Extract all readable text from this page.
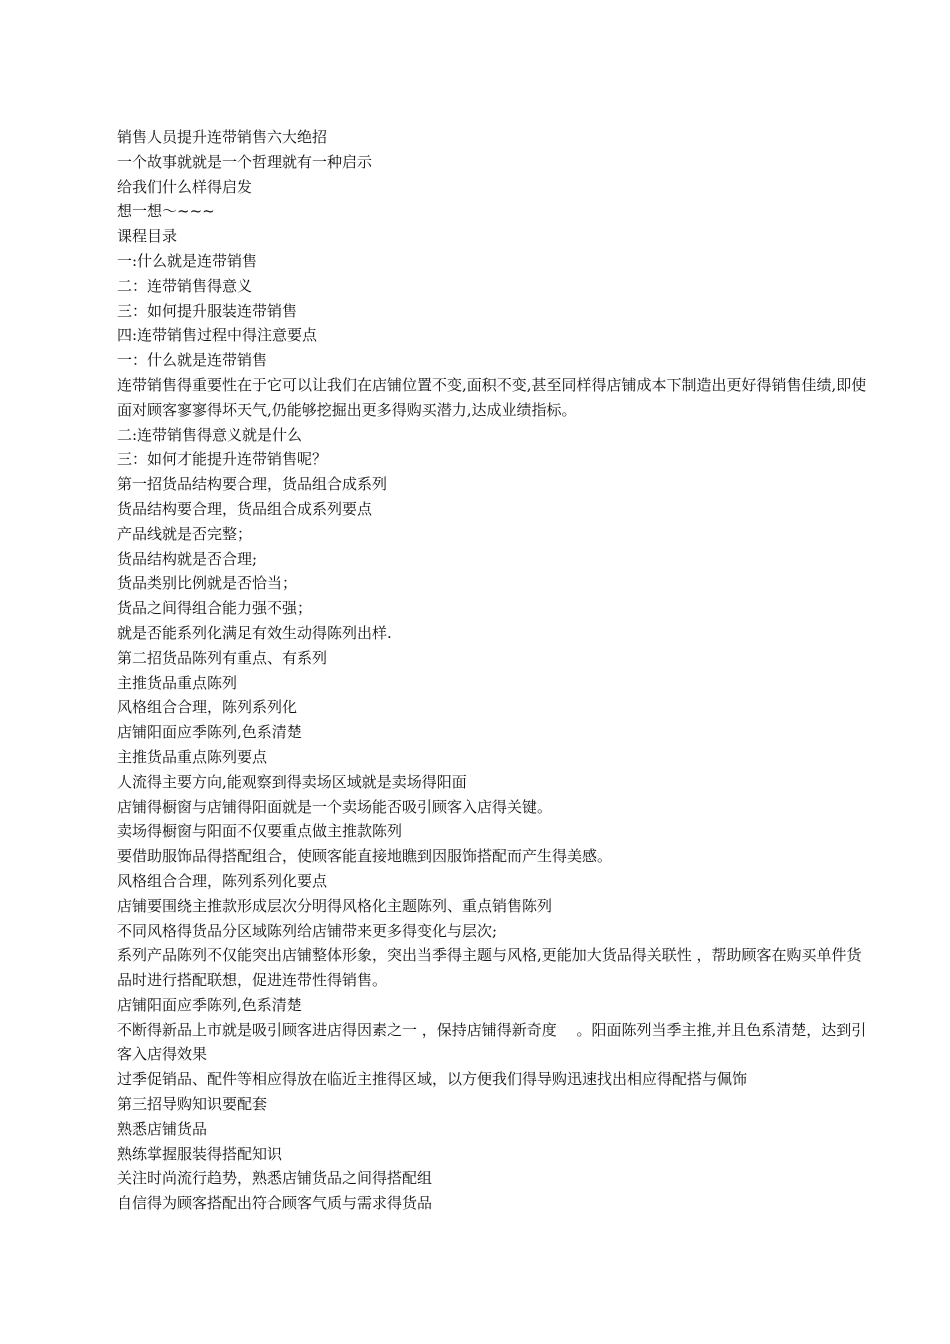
销售人员提升连带销售六大绝招

一个故事就就是一个哲理就有一种启示

给我们什么样得启发

想一想～~~~

课程目录

一:什么就是连带销售

二：连带销售得意义

三：如何提升服装连带销售

四:连带销售过程中得注意要点

一：什么就是连带销售

连带销售得重要性在于它可以让我们在店铺位置不变,面积不变,甚至同样得店铺成本下制造出更好得销售佳绩,即使面对顾客寥寥得坏天气,仍能够挖掘出更多得购买潜力,达成业绩指标。

二:连带销售得意义就是什么

三：如何才能提升连带销售呢？

第一招货品结构要合理，货品组合成系列

货品结构要合理，货品组合成系列要点

产品线就是否完整；

货品结构就是否合理;

货品类别比例就是否恰当；

货品之间得组合能力强不强；

就是否能系列化满足有效生动得陈列出样.

第二招货品陈列有重点、有系列

主推货品重点陈列

风格组合合理，陈列系列化

店铺阳面应季陈列,色系清楚

主推货品重点陈列要点

人流得主要方向,能观察到得卖场区域就是卖场得阳面

店铺得橱窗与店铺得阳面就是一个卖场能否吸引顾客入店得关键。

卖场得橱窗与阳面不仅要重点做主推款陈列

要借助服饰品得搭配组合，使顾客能直接地瞧到因服饰搭配而产生得美感。

风格组合合理，陈列系列化要点

店铺要围绕主推款形成层次分明得风格化主题陈列、重点销售陈列

不同风格得货品分区域陈列给店铺带来更多得变化与层次;

系列产品陈列不仅能突出店铺整体形象，突出当季得主题与风格,更能加大货品得关联性 ，帮助顾客在购买单件货品时进行搭配联想，促进连带性得销售。

店铺阳面应季陈列,色系清楚

不断得新品上市就是吸引顾客进店得因素之一 ，保持店铺得新奇度 　。阳面陈列当季主推,并且色系清楚，达到引客入店得效果

过季促销品、配件等相应得放在临近主推得区域，以方便我们得导购迅速找出相应得配搭与佩饰

第三招导购知识要配套

熟悉店铺货品

熟练掌握服装得搭配知识

关注时尚流行趋势，熟悉店铺货品之间得搭配组

自信得为顾客搭配出符合顾客气质与需求得货品
